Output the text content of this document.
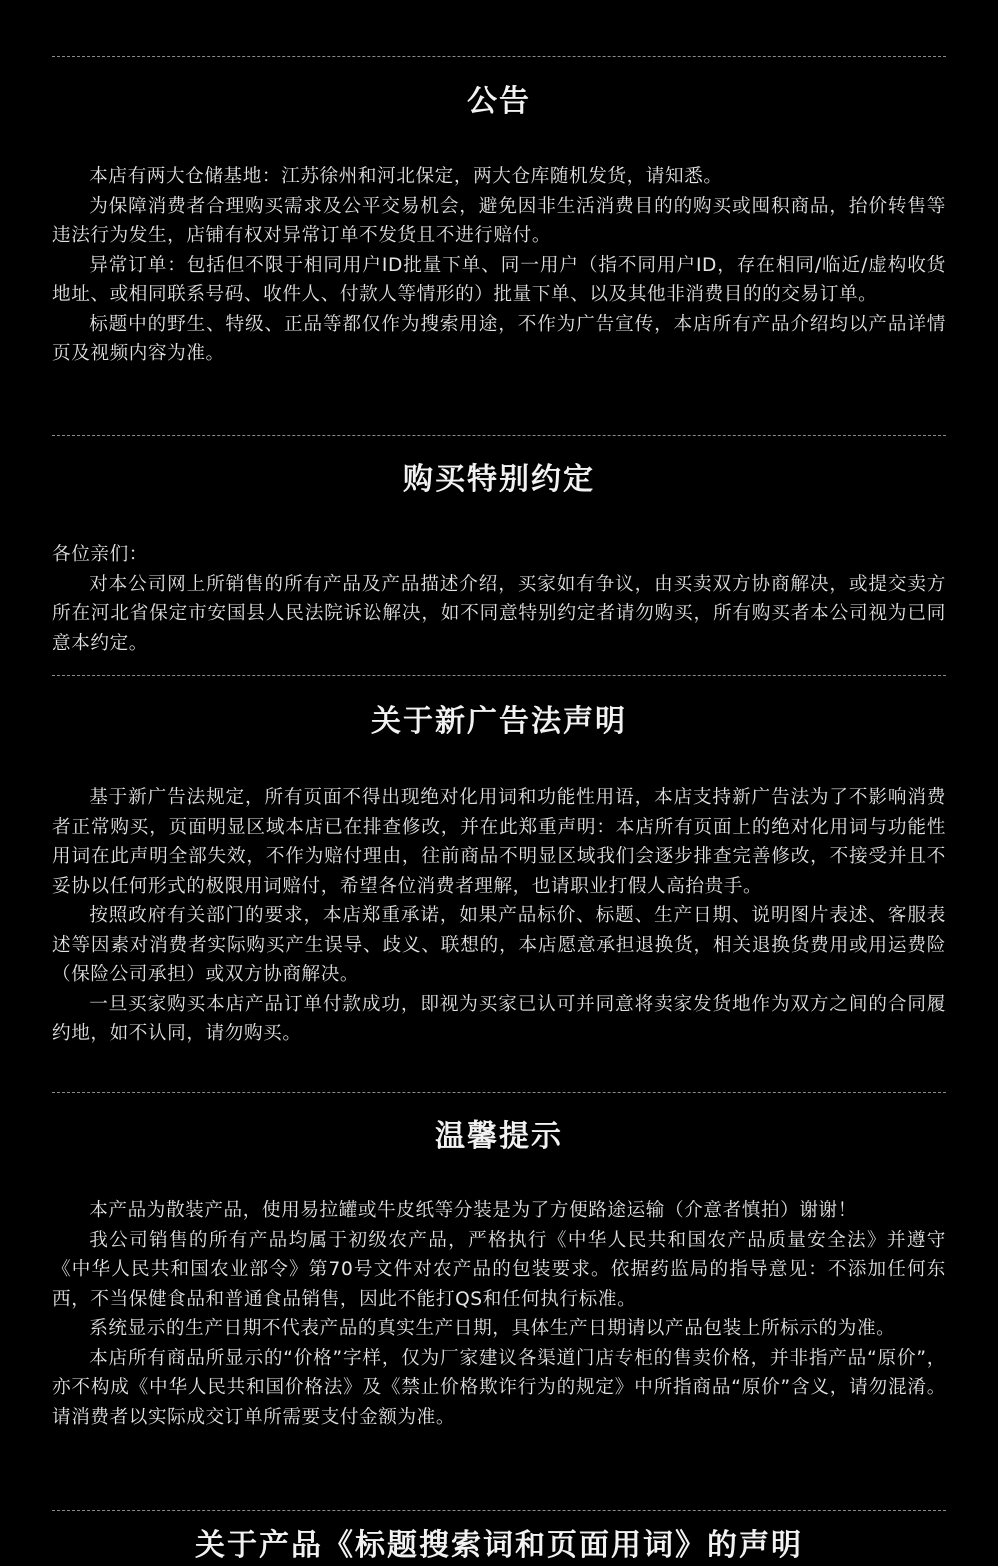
公告

本店有两大仓储基地：江苏徐州和河北保定，两大仓库随机发货，请知悉。

为保障消费者合理购买需求及公平交易机会，避免因非生活消费目的的购买或囤积商品，抬价转售等违法行为发生，店铺有权对异常订单不发货且不进行赔付。

异常订单：包括但不限于相同用户ID批量下单、同一用户（指不同用户ID，存在相同/临近/虚构收货地址、或相同联系号码、收件人、付款人等情形的）批量下单、以及其他非消费目的的交易订单。

标题中的野生、特级、正品等都仅作为搜索用途，不作为广告宣传，本店所有产品介绍均以产品详情页及视频内容为准。

购买特别约定

各位亲们：

对本公司网上所销售的所有产品及产品描述介绍，买家如有争议，由买卖双方协商解决，或提交卖方所在河北省保定市安国县人民法院诉讼解决，如不同意特别约定者请勿购买，所有购买者本公司视为已同意本约定。

关于新广告法声明

基于新广告法规定，所有页面不得出现绝对化用词和功能性用语，本店支持新广告法为了不影响消费者正常购买，页面明显区域本店已在排查修改，并在此郑重声明：本店所有页面上的绝对化用词与功能性用词在此声明全部失效，不作为赔付理由，往前商品不明显区域我们会逐步排查完善修改，不接受并且不妥协以任何形式的极限用词赔付，希望各位消费者理解，也请职业打假人高抬贵手。

按照政府有关部门的要求，本店郑重承诺，如果产品标价、标题、生产日期、说明图片表述、客服表述等因素对消费者实际购买产生误导、歧义、联想的，本店愿意承担退换货，相关退换货费用或用运费险（保险公司承担）或双方协商解决。

一旦买家购买本店产品订单付款成功，即视为买家已认可并同意将卖家发货地作为双方之间的合同履约地，如不认同，请勿购买。

温馨提示

本产品为散装产品，使用易拉罐或牛皮纸等分装是为了方便路途运输（介意者慎拍）谢谢！

我公司销售的所有产品均属于初级农产品，严格执行《中华人民共和国农产品质量安全法》并遵守《中华人民共和国农业部令》第70号文件对农产品的包装要求。依据药监局的指导意见：不添加任何东西，不当保健食品和普通食品销售，因此不能打QS和任何执行标准。

系统显示的生产日期不代表产品的真实生产日期，具体生产日期请以产品包装上所标示的为准。

本店所有商品所显示的“价格”字样，仅为厂家建议各渠道门店专柜的售卖价格，并非指产品“原价”，亦不构成《中华人民共和国价格法》及《禁止价格欺诈行为的规定》中所指商品“原价”含义，请勿混淆。请消费者以实际成交订单所需要支付金额为准。

关于产品《标题搜索词和页面用词》的声明
